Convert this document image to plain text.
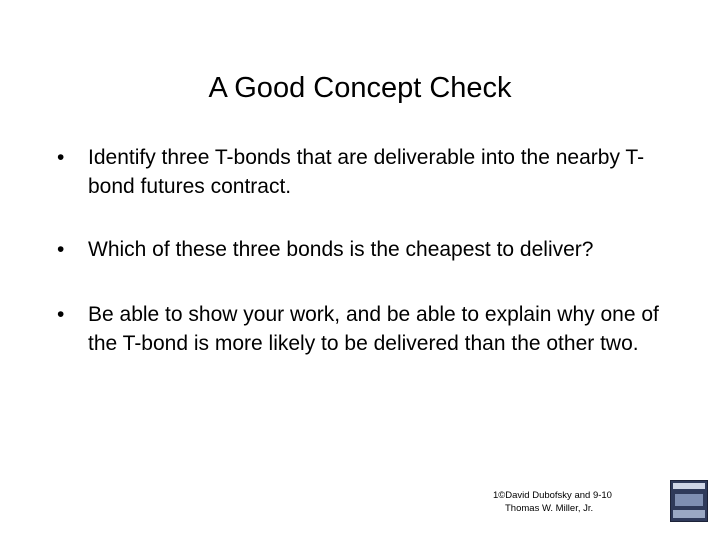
A Good Concept Check
• Identify three T-bonds that are deliverable into the nearby T-bond futures contract.
• Which of these three bonds is the cheapest to deliver?
• Be able to show your work, and be able to explain why one of the T-bond is more likely to be delivered than the other two.
1©David Dubofsky and 9-10
Thomas W. Miller, Jr.
